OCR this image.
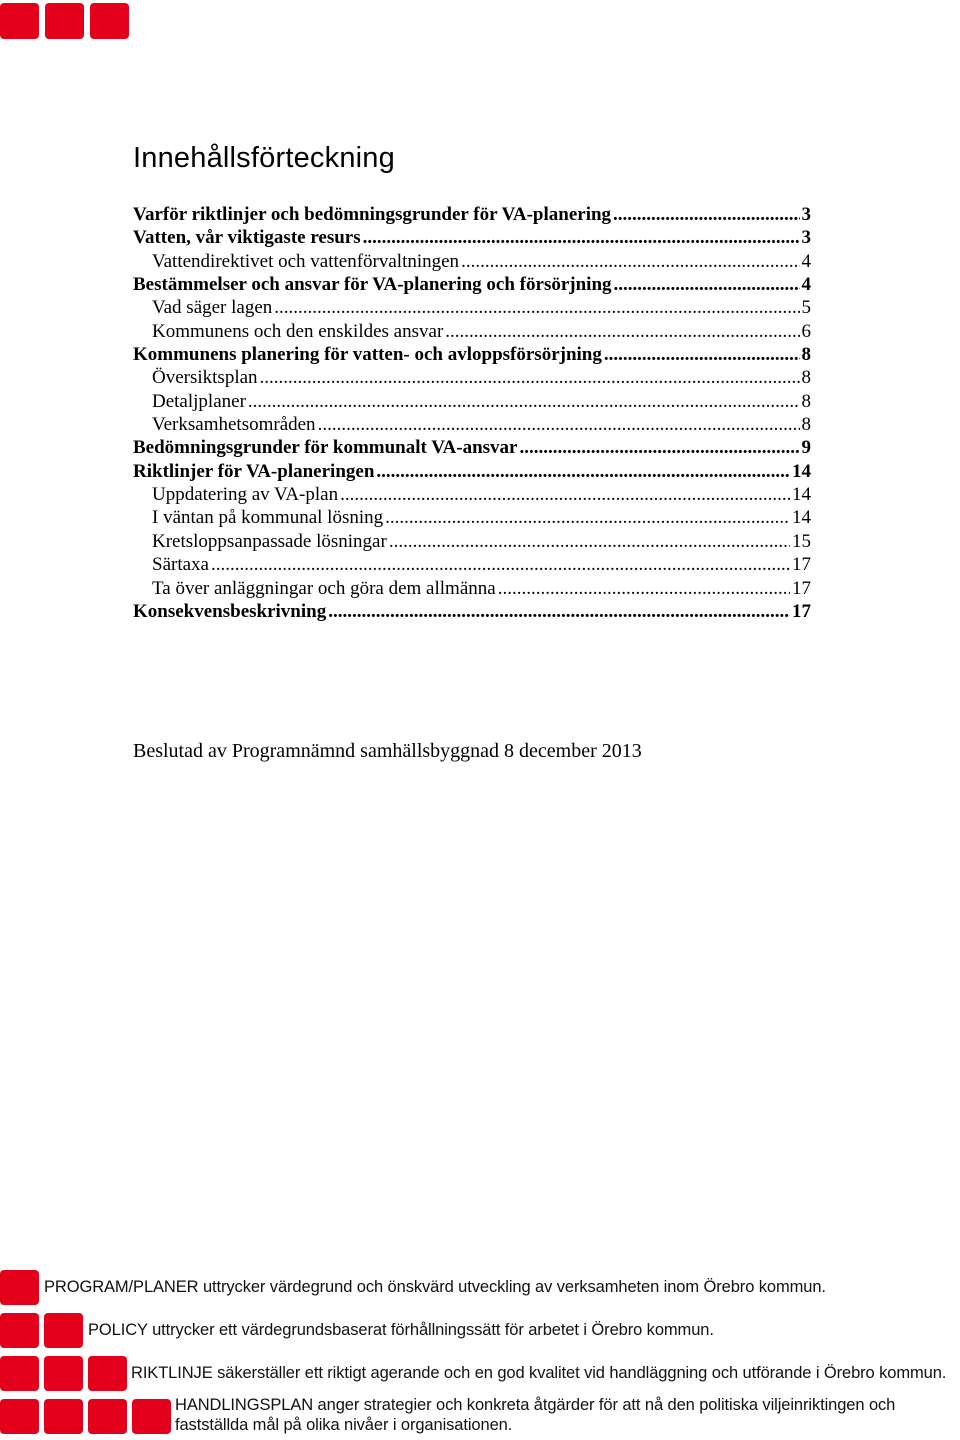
Innehållsförteckning
Varför riktlinjer och bedömningsgrunder för VA-planering .....	3
Vatten, vår viktigaste resurs .....	3
Vattendirektivet och vattenförvaltningen .....	4
Bestämmelser och ansvar för VA-planering och försörjning .....	4
Vad säger lagen .....	5
Kommunens och den enskildes ansvar .....	6
Kommunens planering för vatten- och avloppsförsörjning .....	8
Översiktsplan .....	8
Detaljplaner .....	8
Verksamhetsområden .....	8
Bedömningsgrunder för kommunalt VA-ansvar .....	9
Riktlinjer för VA-planeringen .....	14
Uppdatering av VA-plan .....	14
I väntan på kommunal lösning .....	14
Kretsloppsanpassade lösningar .....	15
Särtaxa .....	17
Ta över anläggningar och göra dem allmänna .....	17
Konsekvensbeskrivning .....	17
Beslutad av Programnämnd samhällsbyggnad 8 december 2013
PROGRAM/PLANER uttrycker värdegrund och önskvärd utveckling av verksamheten inom Örebro kommun.
POLICY uttrycker ett värdegrundsbaserat förhållningssätt för arbetet i Örebro kommun.
RIKTLINJE säkerställer ett riktigt agerande och en god kvalitet vid handläggning och utförande i Örebro kommun.
HANDLINGSPLAN anger strategier och konkreta åtgärder för att nå den politiska viljeinriktingen och
fastställda mål på olika nivåer i organisationen.
